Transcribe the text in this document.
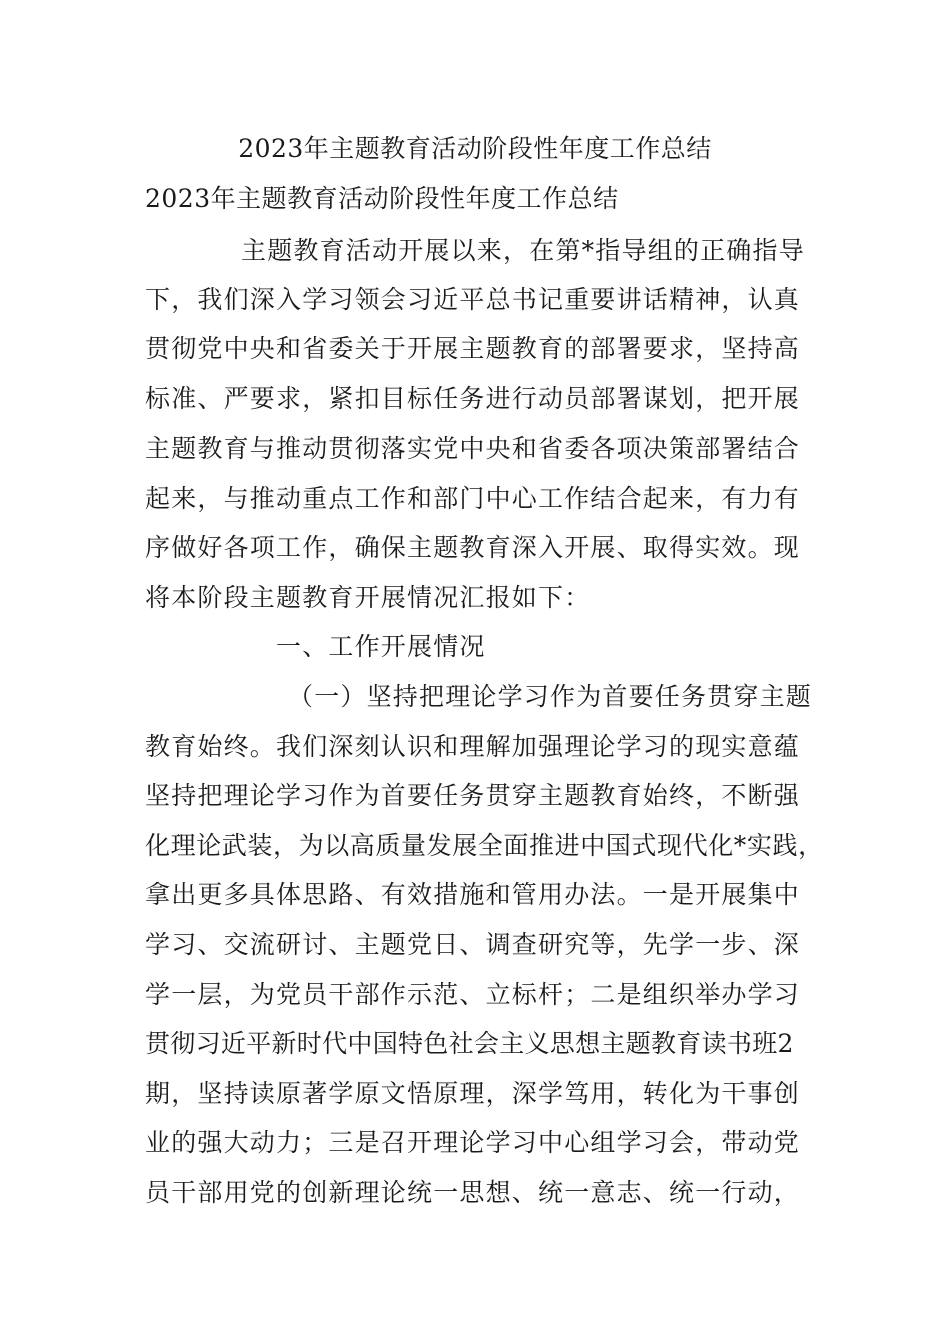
2023年主题教育活动阶段性年度工作总结
2023年主题教育活动阶段性年度工作总结
主题教育活动开展以来，在第*指导组的正确指导
下，我们深入学习领会习近平总书记重要讲话精神，认真
贯彻党中央和省委关于开展主题教育的部署要求，坚持高
标准、严要求，紧扣目标任务进行动员部署谋划，把开展
主题教育与推动贯彻落实党中央和省委各项决策部署结合
起来，与推动重点工作和部门中心工作结合起来，有力有
序做好各项工作，确保主题教育深入开展、取得实效。现
将本阶段主题教育开展情况汇报如下：
一、工作开展情况
（一）坚持把理论学习作为首要任务贯穿主题
教育始终。我们深刻认识和理解加强理论学习的现实意蕴
坚持把理论学习作为首要任务贯穿主题教育始终，不断强
化理论武装，为以高质量发展全面推进中国式现代化*实践，
拿出更多具体思路、有效措施和管用办法。一是开展集中
学习、交流研讨、主题党日、调查研究等，先学一步、深
学一层，为党员干部作示范、立标杆；二是组织举办学习
贯彻习近平新时代中国特色社会主义思想主题教育读书班2
期，坚持读原著学原文悟原理，深学笃用，转化为干事创
业的强大动力；三是召开理论学习中心组学习会，带动党
员干部用党的创新理论统一思想、统一意志、统一行动，
